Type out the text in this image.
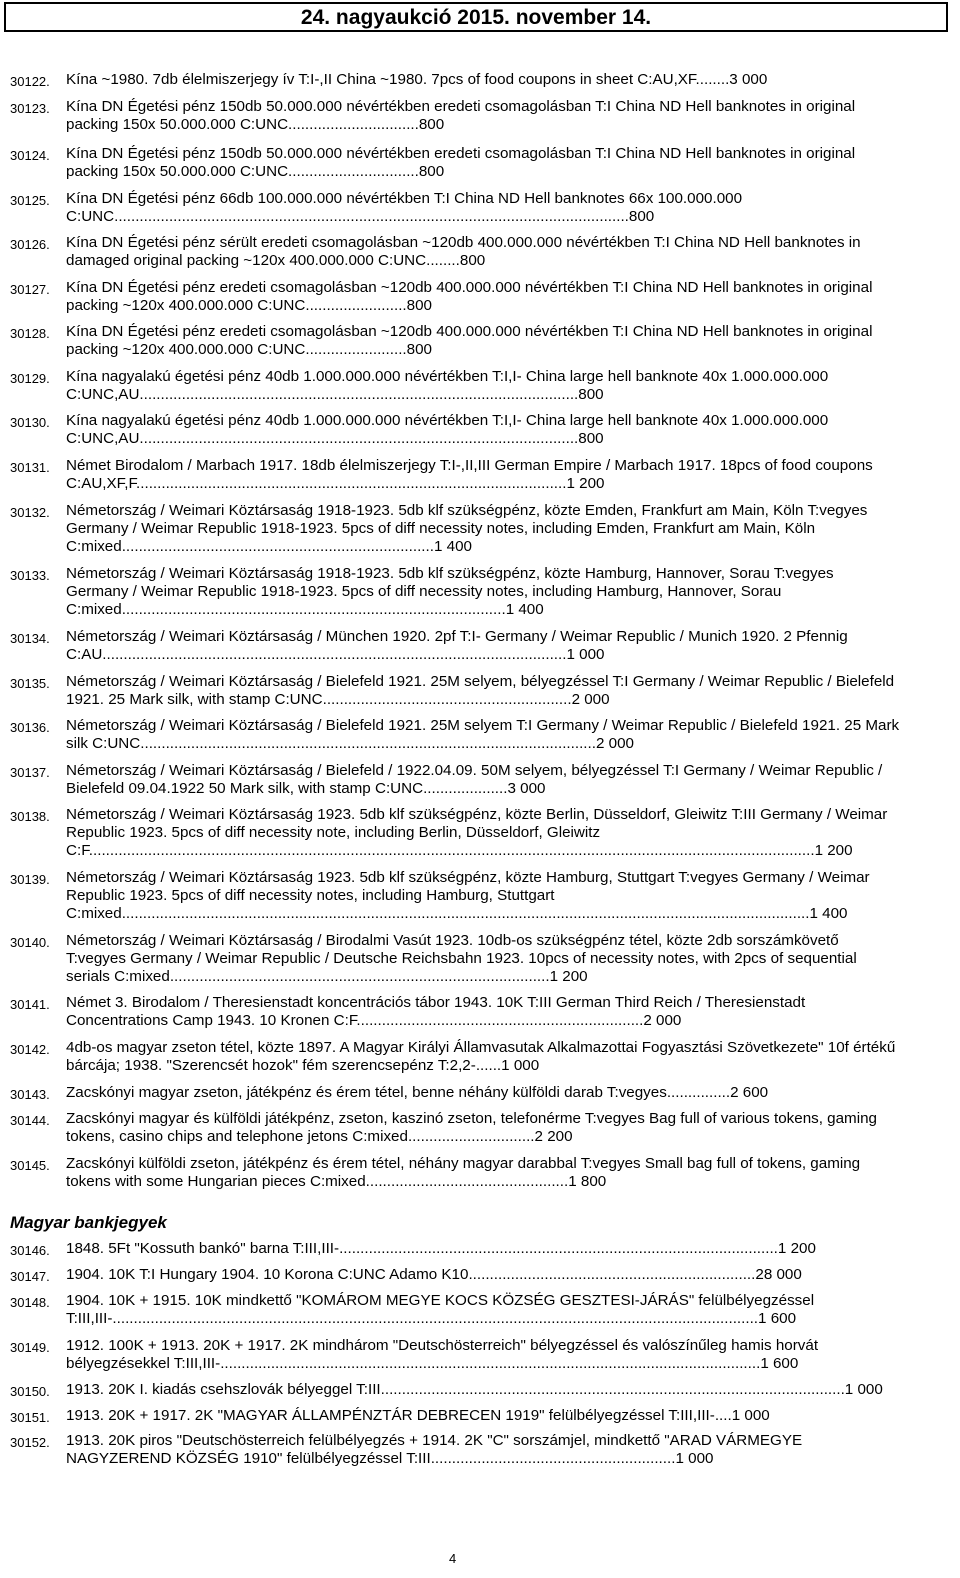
24. nagyaukció 2015. november 14.
30122.	Kína ~1980. 7db élelmiszerjegy ív T:I-,II China ~1980. 7pcs of food coupons in sheet C:AU,XF........3 000
30123.	Kína DN Égetési pénz 150db 50.000.000 névértékben eredeti csomagolásban T:I China ND Hell banknotes in original packing 150x 50.000.000 C:UNC...............................800
30124.	Kína DN Égetési pénz 150db 50.000.000 névértékben eredeti csomagolásban T:I China ND Hell banknotes in original packing 150x 50.000.000 C:UNC...............................800
30125.	Kína DN Égetési pénz 66db 100.000.000 névértékben T:I China ND Hell banknotes 66x 100.000.000 C:UNC..........................................................................................................................800
30126.	Kína DN Égetési pénz sérült eredeti csomagolásban ~120db 400.000.000 névértékben T:I China ND Hell banknotes in damaged original packing ~120x 400.000.000 C:UNC........800
30127.	Kína DN Égetési pénz eredeti csomagolásban ~120db 400.000.000 névértékben T:I China ND Hell banknotes in original packing ~120x 400.000.000 C:UNC........................800
30128.	Kína DN Égetési pénz eredeti csomagolásban ~120db 400.000.000 névértékben T:I China ND Hell banknotes in original packing ~120x 400.000.000 C:UNC........................800
30129.	Kína nagyalakú égetési pénz 40db 1.000.000.000 névértékben T:I,I- China large hell banknote 40x 1.000.000.000 C:UNC,AU........................................................................................................800
30130.	Kína nagyalakú égetési pénz 40db 1.000.000.000 névértékben T:I,I- China large hell banknote 40x 1.000.000.000 C:UNC,AU........................................................................................................800
30131.	Német Birodalom / Marbach 1917. 18db élelmiszerjegy T:I-,II,III German Empire / Marbach 1917. 18pcs of food coupons C:AU,XF,F......................................................................................................1 200
30132.	Németország / Weimari Köztársaság 1918-1923. 5db klf szükségpénz, közte Emden, Frankfurt am Main, Köln T:vegyes Germany / Weimar Republic 1918-1923. 5pcs of diff necessity notes, including Emden, Frankfurt am Main, Köln C:mixed..........................................................................1 400
30133.	Németország / Weimari Köztársaság 1918-1923. 5db klf szükségpénz, közte Hamburg, Hannover, Sorau T:vegyes Germany / Weimar Republic 1918-1923. 5pcs of diff necessity notes, including Hamburg, Hannover, Sorau C:mixed...........................................................................................1 400
30134.	Németország / Weimari Köztársaság / München 1920. 2pf T:I- Germany / Weimar Republic / Munich 1920. 2 Pfennig C:AU..............................................................................................................1 000
30135.	Németország / Weimari Köztársaság / Bielefeld 1921. 25M selyem, bélyegzéssel T:I Germany / Weimar Republic / Bielefeld 1921. 25 Mark silk, with stamp C:UNC...........................................................2 000
30136.	Németország / Weimari Köztársaság / Bielefeld 1921. 25M selyem T:I Germany / Weimar Republic / Bielefeld 1921. 25 Mark silk C:UNC............................................................................................................2 000
30137.	Németország / Weimari Köztársaság / Bielefeld / 1922.04.09. 50M selyem, bélyegzéssel T:I Germany / Weimar Republic / Bielefeld 09.04.1922 50 Mark silk, with stamp C:UNC....................3 000
30138.	Németország / Weimari Köztársaság 1923. 5db klf szükségpénz, közte Berlin, Düsseldorf, Gleiwitz T:III Germany / Weimar Republic 1923. 5pcs of diff necessity note, including Berlin, Düsseldorf, Gleiwitz C:F............................................................................................................................................................................1 200
30139.	Németország / Weimari Köztársaság 1923. 5db klf szükségpénz, közte Hamburg, Stuttgart T:vegyes Germany / Weimar Republic 1923. 5pcs of diff necessity notes, including Hamburg, Stuttgart C:mixed...................................................................................................................................................................1 400
30140.	Németország / Weimari Köztársaság / Birodalmi Vasút 1923. 10db-os szükségpénz tétel, közte 2db sorszámkövető T:vegyes Germany / Weimar Republic / Deutsche Reichsbahn 1923. 10pcs of necessity notes, with 2pcs of sequential serials C:mixed..........................................................................................1 200
30141.	Német 3. Birodalom / Theresienstadt koncentrációs tábor 1943. 10K T:III German Third Reich / Theresienstadt Concentrations Camp 1943. 10 Kronen C:F....................................................................2 000
30142.	4db-os magyar zseton tétel, közte 1897. A Magyar Királyi Államvasutak Alkalmazottai Fogyasztási Szövetkezete" 10f értékű bárcája; 1938. "Szerencsét hozok" fém szerencsepénz T:2,2-......1 000
30143.	Zacskónyi magyar zseton, játékpénz és érem tétel, benne néhány külföldi darab T:vegyes...............2 600
30144.	Zacskónyi magyar és külföldi játékpénz, zseton, kaszinó zseton, telefonérme T:vegyes Bag full of various tokens, gaming tokens, casino chips and telephone jetons C:mixed..............................2 200
30145.	Zacskónyi külföldi zseton, játékpénz és érem tétel, néhány magyar darabbal T:vegyes Small bag full of tokens, gaming tokens with some Hungarian pieces C:mixed................................................1 800
30146.	1848. 5Ft "Kossuth bankó" barna T:III,III-........................................................................................................1 200
30147.	1904. 10K T:I Hungary 1904. 10 Korona C:UNC Adamo K10....................................................................28 000
30148.	1904. 10K + 1915. 10K mindkettő "KOMÁROM MEGYE KOCS KÖZSÉG GESZTESI-JÁRÁS" felülbélyegzéssel T:III,III-.........................................................................................................................................................1 600
30149.	1912. 100K + 1913. 20K + 1917. 2K mindhárom "Deutschösterreich" bélyegzéssel és valószínűleg hamis horvát bélyegzésekkel T:III,III-................................................................................................................................1 600
30150.	1913. 20K I. kiadás csehszlovák bélyeggel T:III..............................................................................................................1 000
30151.	1913. 20K + 1917. 2K "MAGYAR ÁLLAMPÉNZTÁR DEBRECEN 1919" felülbélyegzéssel T:III,III-....1 000
30152.	1913. 20K piros "Deutschösterreich felülbélyegzés + 1914. 2K "C" sorszámjel, mindkettő "ARAD VÁRMEGYE NAGYZEREND KÖZSÉG 1910" felülbélyegzéssel T:III..........................................................1 000
Magyar bankjegyek
4
